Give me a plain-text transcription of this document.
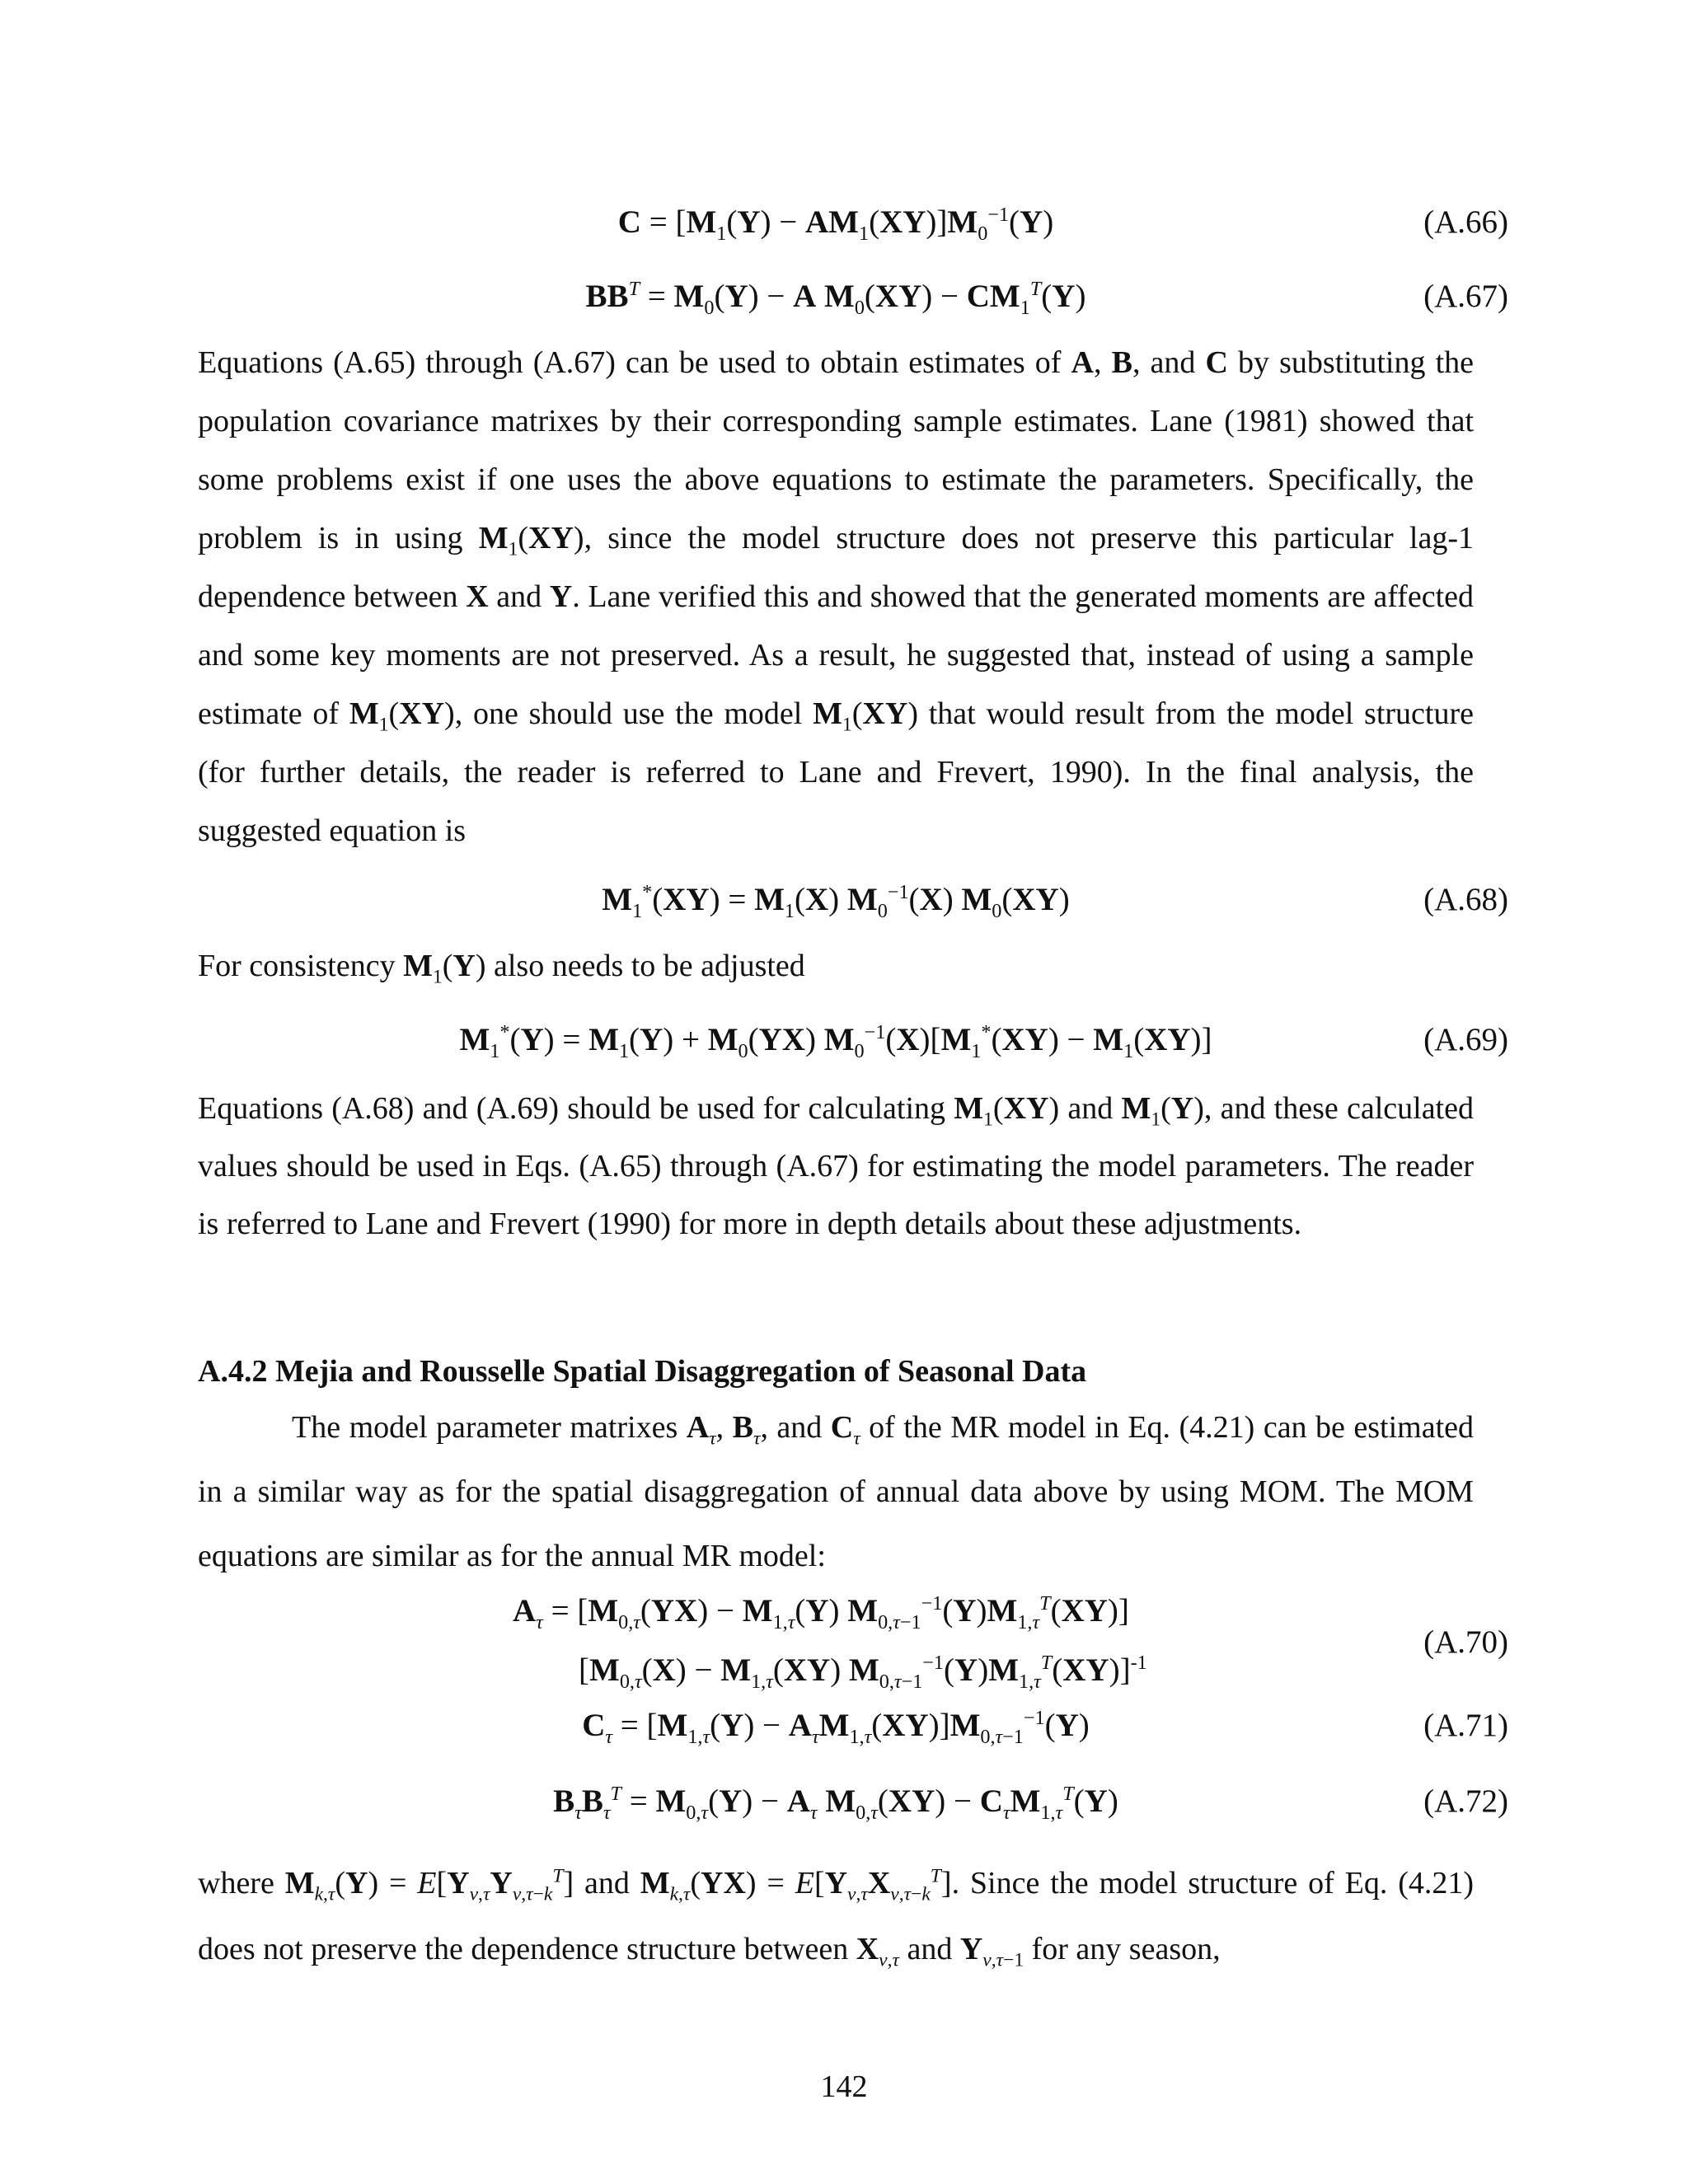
$C = [M_1(Y) - AM_1(XY)]M_0^{-1}(Y)$	(A.66)
$BB^T = M_0(Y) - A$ $M_0(XY) - CM_1^T(Y)$	(A.67)

Equations (A.65) through (A.67) can be used to obtain estimates of A, B, and C by substituting the population covariance matrixes by their corresponding sample estimates. Lane (1981) showed that some problems exist if one uses the above equations to estimate the parameters. Specifically, the problem is in using $M_1(XY)$, since the model structure does not preserve this particular lag-1 dependence between X and Y. Lane verified this and showed that the generated moments are affected and some key moments are not preserved. As a result, he suggested that, instead of using a sample estimate of $M_1(XY)$, one should use the model $M_1(XY)$ that would result from the model structure (for further details, the reader is referred to Lane and Frevert, 1990). In the final analysis, the suggested equation is

$M_1^*(XY) = M_1(X)$ $M_0^{-1}(X)$ $M_0(XY)$	(A.68)

For consistency $M_1(Y)$ also needs to be adjusted

$M_1^*(Y) = M_1(Y) + M_0(YX) M_0^{-1}(X)[M_1^*(XY) - M_1(XY)]$	(A.69)

Equations (A.68) and (A.69) should be used for calculating $M_1(XY)$ and $M_1(Y)$, and these calculated values should be used in Eqs. (A.65) through (A.67) for estimating the model parameters. The reader is referred to Lane and Frevert (1990) for more in depth details about these adjustments.

A.4.2 Mejia and Rousselle Spatial Disaggregation of Seasonal Data

The model parameter matrixes $A_\tau$, $B_\tau$, and $C_\tau$ of the MR model in Eq. (4.21) can be estimated in a similar way as for the spatial disaggregation of annual data above by using MOM. The MOM equations are similar as for the annual MR model:

$A_\tau = [M_{0,\tau}(YX) - M_{1,\tau}(Y)$ $M_{0,\tau-1}^{-1}(Y)M_{1,\tau}^T(XY)$]
[$M_{0,\tau}(X) - M_{1,\tau}(XY)$ $M_{0,\tau-1}^{-1}(Y)M_{1,\tau}^T(XY)]^{-1}$
(A.70)
$C_\tau = [M_{1,\tau}(Y) - A_\tau M_{1,\tau}(XY)]M_{0,\tau-1}^{-1}(Y)$	(A.71)
$B_\tau B_\tau^T = M_{0,\tau}(Y) - A_\tau$ $M_{0,\tau}(XY) - C_\tau M_{1,\tau}^T(Y)$	(A.72)

where $M_{k,\tau}(Y) = E[Y_{\nu,\tau}Y_{\nu,\tau-k}^T]$ and $M_{k,\tau}(YX) = E[Y_{\nu,\tau}X_{\nu,\tau-k}^T]$. Since the model structure of Eq. (4.21) does not preserve the dependence structure between $X_{\nu,\tau}$ and $Y_{\nu,\tau-1}$ for any season,

142
